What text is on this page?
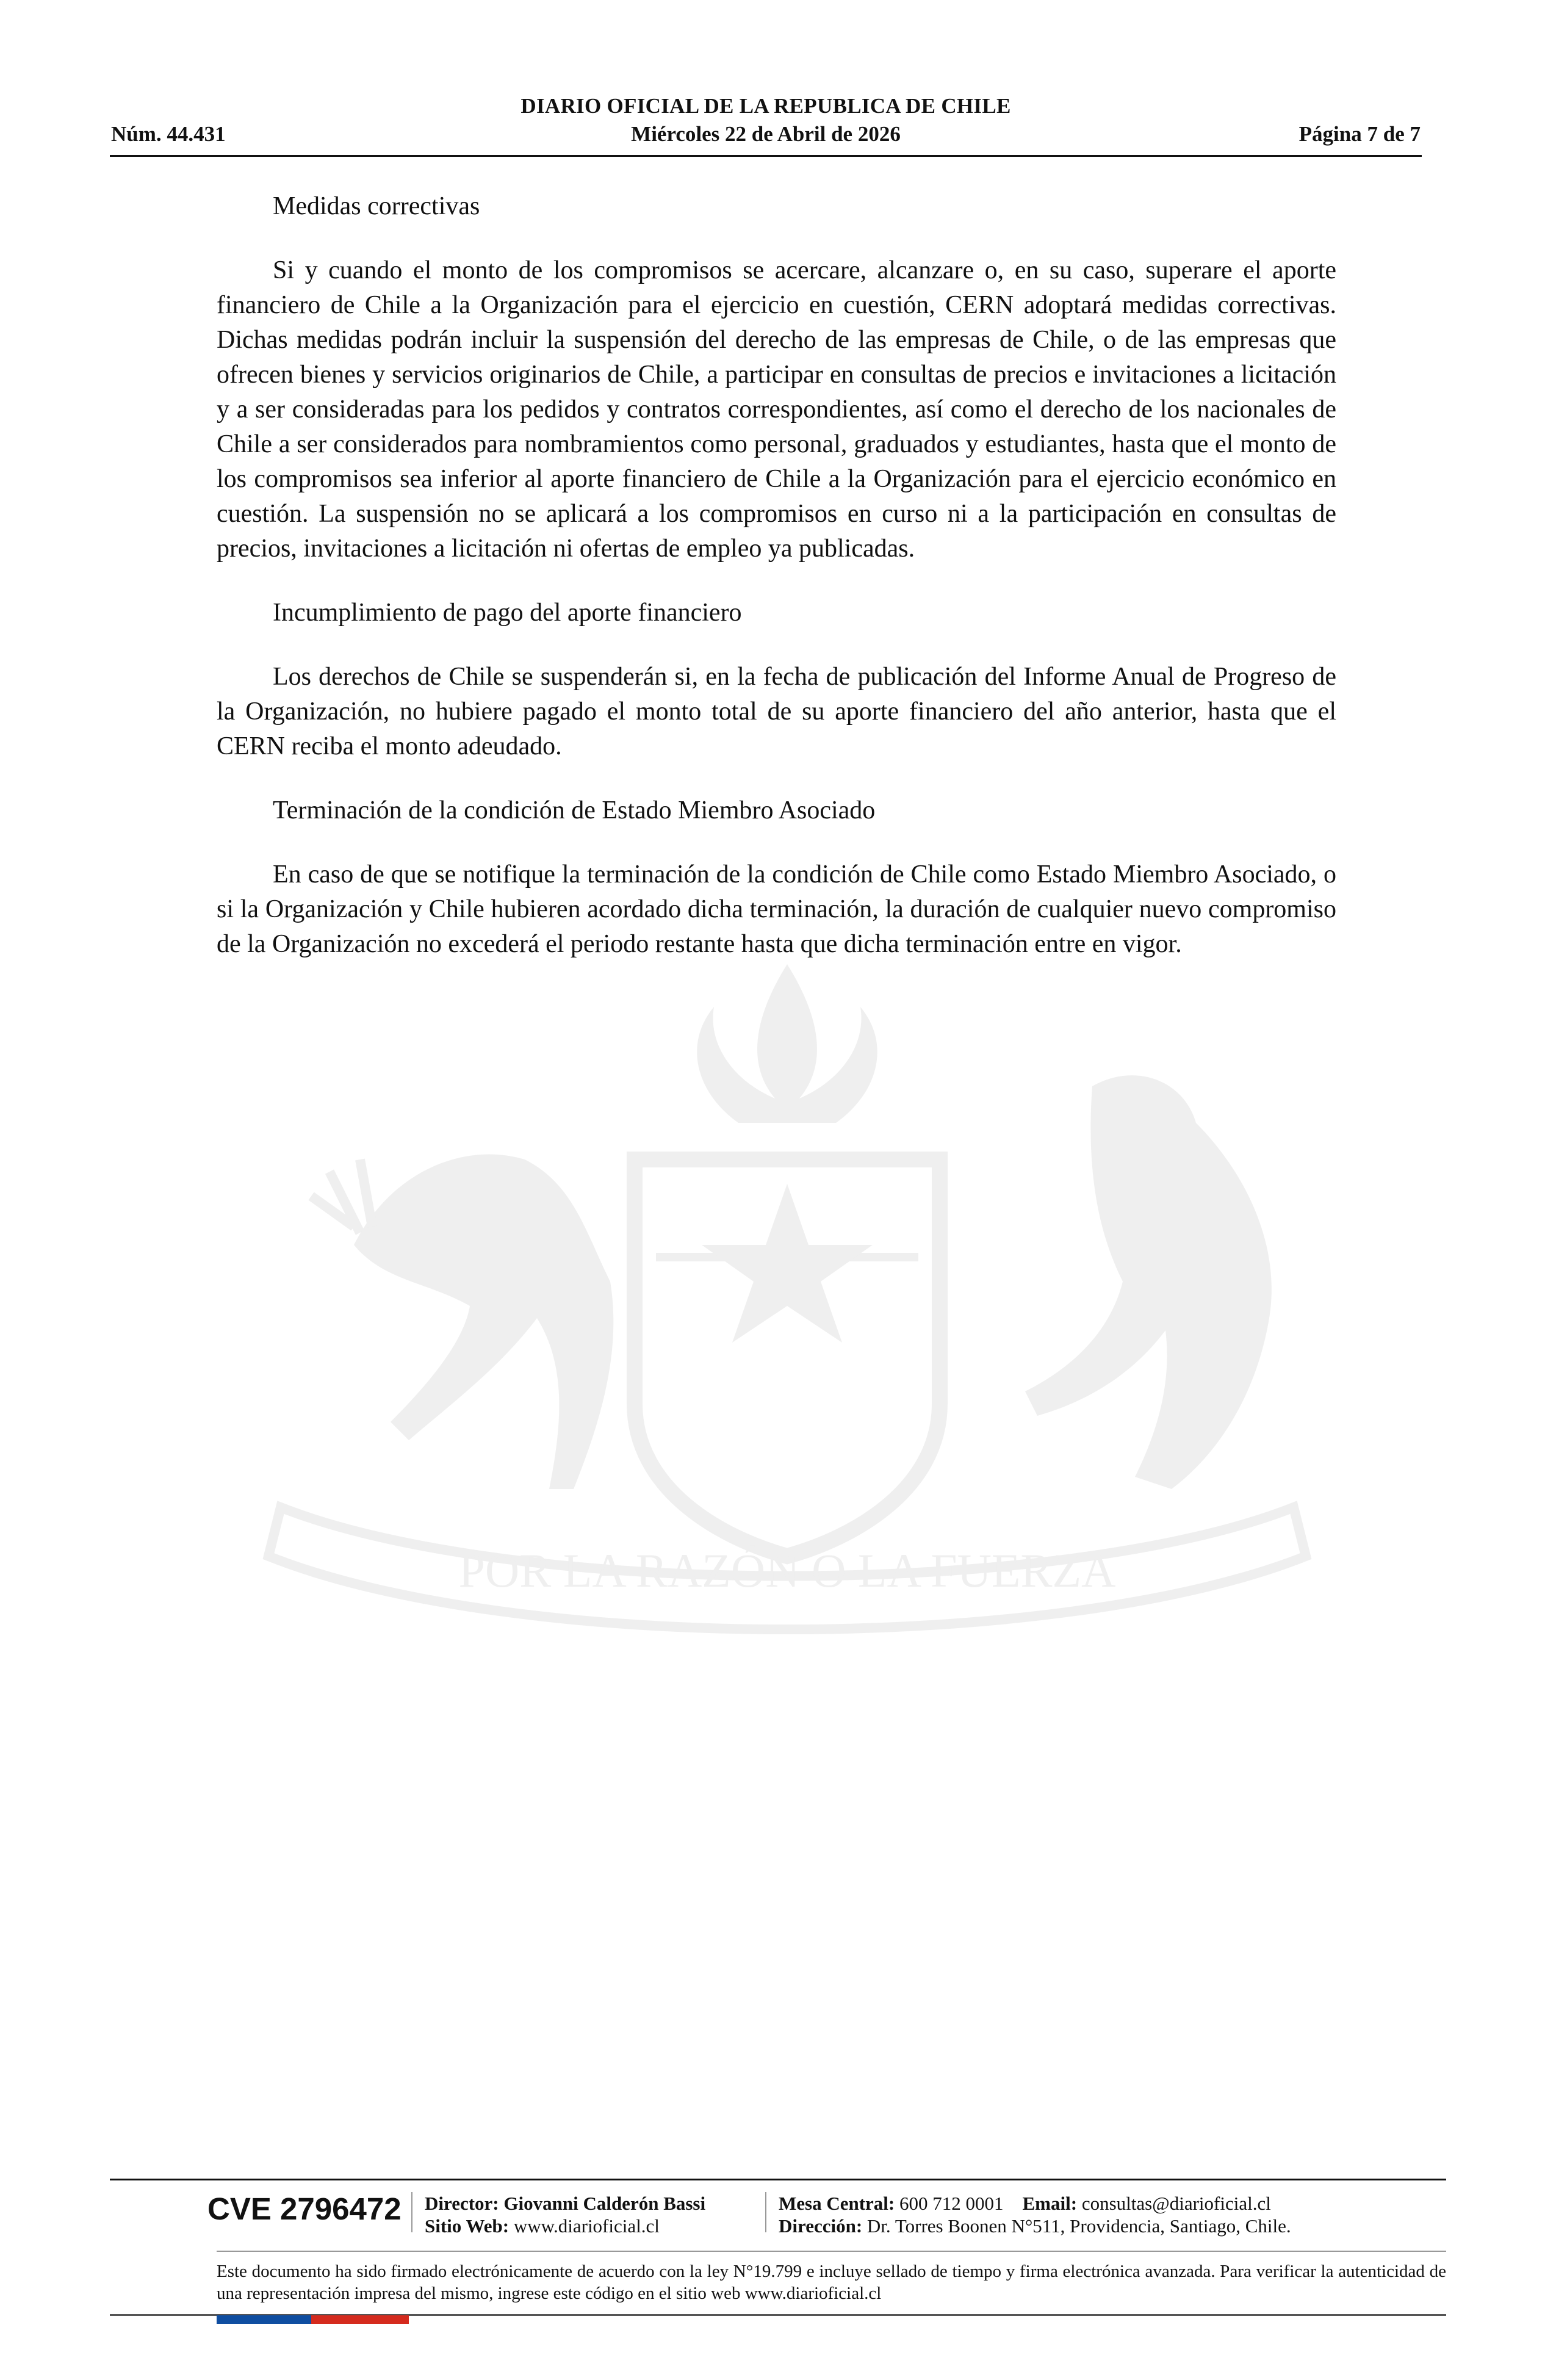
DIARIO OFICIAL DE LA REPUBLICA DE CHILE
Núm. 44.431	Miércoles 22 de Abril de 2026	Página 7 de 7
POR LA RAZÓN O LA FUERZA

Medidas correctivas

Si y cuando el monto de los compromisos se acercare, alcanzare o, en su caso, superare el aporte financiero de Chile a la Organización para el ejercicio en cuestión, CERN adoptará medidas correctivas. Dichas medidas podrán incluir la suspensión del derecho de las empresas de Chile, o de las empresas que ofrecen bienes y servicios originarios de Chile, a participar en consultas de precios e invitaciones a licitación y a ser consideradas para los pedidos y contratos correspondientes, así como el derecho de los nacionales de Chile a ser considerados para nombramientos como personal, graduados y estudiantes, hasta que el monto de los compromisos sea inferior al aporte financiero de Chile a la Organización para el ejercicio económico en cuestión. La suspensión no se aplicará a los compromisos en curso ni a la participación en consultas de precios, invitaciones a licitación ni ofertas de empleo ya publicadas.

Incumplimiento de pago del aporte financiero

Los derechos de Chile se suspenderán si, en la fecha de publicación del Informe Anual de Progreso de la Organización, no hubiere pagado el monto total de su aporte financiero del año anterior, hasta que el CERN reciba el monto adeudado.

Terminación de la condición de Estado Miembro Asociado

En caso de que se notifique la terminación de la condición de Chile como Estado Miembro Asociado, o si la Organización y Chile hubieren acordado dicha terminación, la duración de cualquier nuevo compromiso de la Organización no excederá el periodo restante hasta que dicha terminación entre en vigor.

CVE 2796472 Director: Giovanni Calderón Bassi
Sitio Web: www.diarioficial.cl
Mesa Central: 600 712 0001 Email: consultas@diarioficial.cl
Dirección: Dr. Torres Boonen N°511, Providencia, Santiago, Chile.
Este documento ha sido firmado electrónicamente de acuerdo con la ley N°19.799 e incluye sellado de tiempo y firma electrónica avanzada. Para verificar la autenticidad de una representación impresa del mismo, ingrese este código en el sitio web www.diarioficial.cl
